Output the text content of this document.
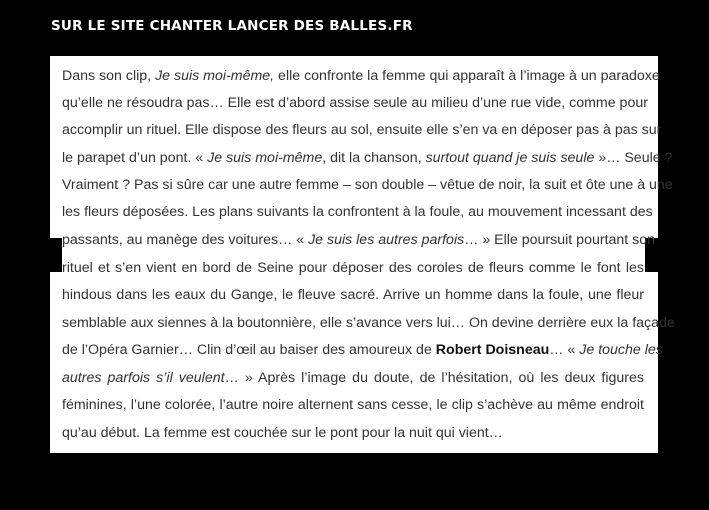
SUR LE SITE CHANTER LANCER DES BALLES.FR

Dans son clip, Je suis moi-même, elle confronte la femme qui apparaît à l’image à un paradoxe

qu’elle ne résoudra pas… Elle est d’abord assise seule au milieu d’une rue vide, comme pour

accomplir un rituel. Elle dispose des fleurs au sol, ensuite elle s’en va en déposer pas à pas sur

le parapet d’un pont. « Je suis moi-même, dit la chanson, surtout quand je suis seule »… Seule ?

Vraiment ? Pas si sûre car une autre femme – son double – vêtue de noir, la suit et ôte une à une

les fleurs déposées. Les plans suivants la confrontent à la foule, au mouvement incessant des

passants, au manège des voitures… « Je suis les autres parfois… » Elle poursuit pourtant son

rituel et s’en vient en bord de Seine pour déposer des coroles de fleurs comme le font les

hindous dans les eaux du Gange, le fleuve sacré. Arrive un homme dans la foule, une fleur

semblable aux siennes à la boutonnière, elle s’avance vers lui… On devine derrière eux la façade

de l’Opéra Garnier… Clin d’œil au baiser des amoureux de Robert Doisneau… « Je touche les

autres parfois s’il veulent… » Après l’image du doute, de l’hésitation, où les deux figures

féminines, l’une colorée, l’autre noire alternent sans cesse, le clip s’achève au même endroit

qu’au début. La femme est couchée sur le pont pour la nuit qui vient…
